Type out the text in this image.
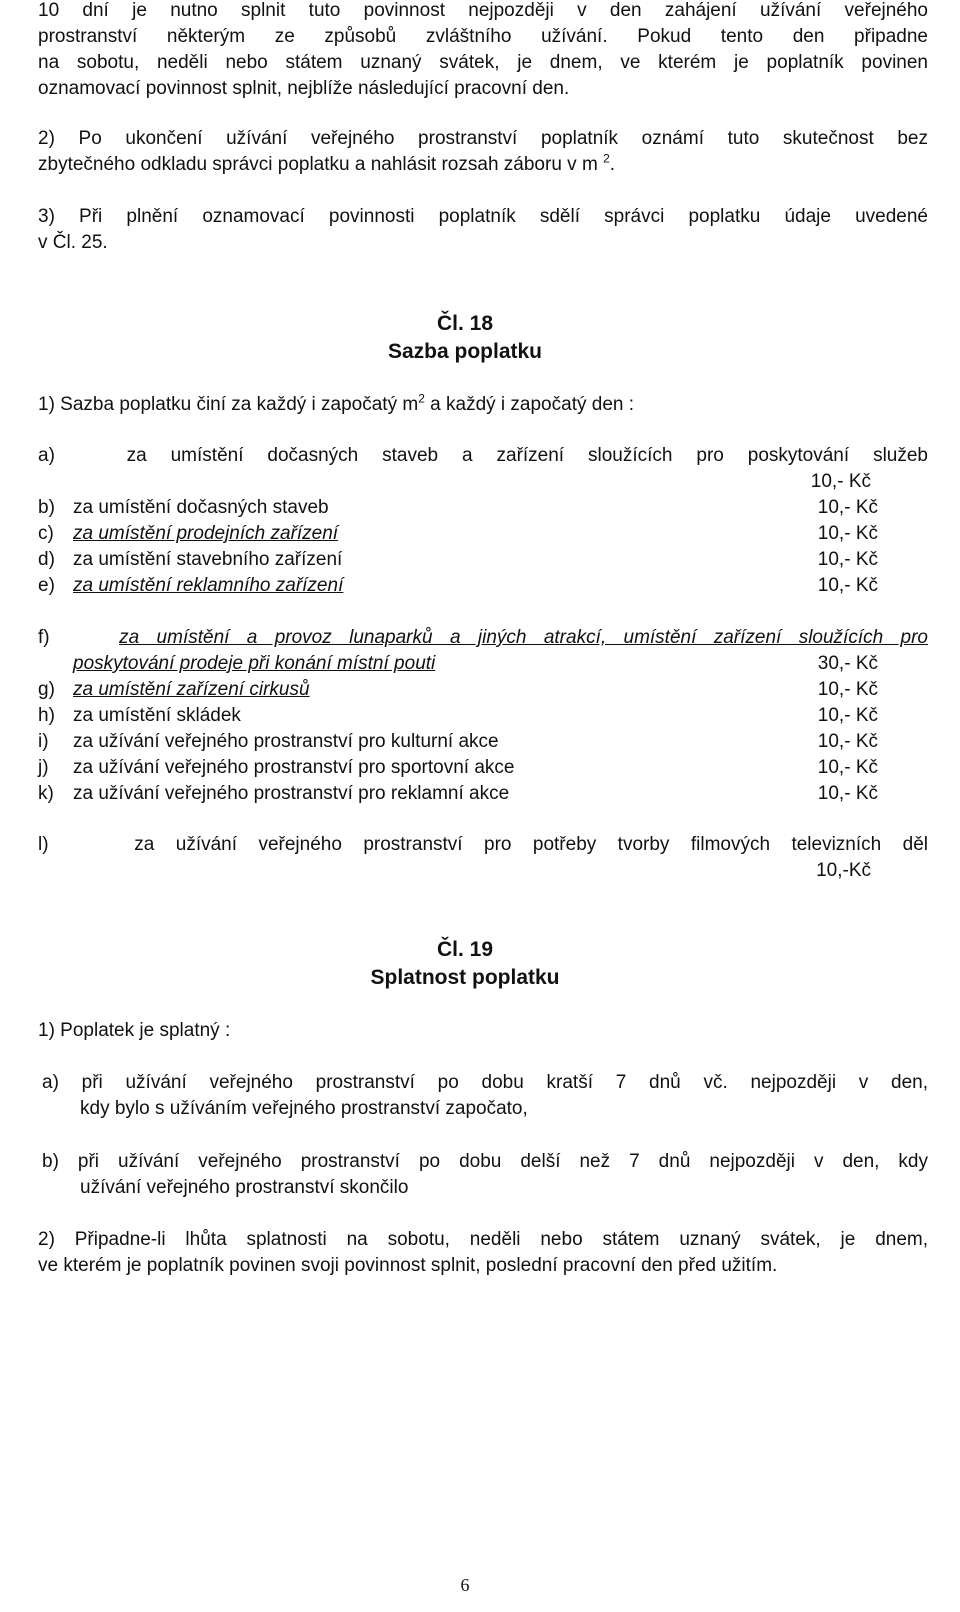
10 dní je nutno splnit tuto povinnost nejpozději v den zahájení užívání veřejného
prostranství některým ze způsobů zvláštního užívání. Pokud tento den připadne
na sobotu, neděli nebo státem uznaný svátek, je dnem, ve kterém je poplatník povinen
oznamovací povinnost splnit, nejblíže následující pracovní den.
2) Po ukončení užívání veřejného prostranství poplatník oznámí tuto skutečnost bez
zbytečného odkladu správci poplatku a nahlásit rozsah záboru v m $^2$.
3) Při plnění oznamovací povinnosti poplatník sdělí správci poplatku údaje uvedené
v Čl. 25.
Čl. 18
Sazba poplatku
1) Sazba poplatku činí za každý i započatý $m^2$ a každý i započatý den :
a)	za umístění dočasných staveb a zařízení sloužících pro poskytování služeb
10,- Kč
b) za umístění dočasných staveb	10,- Kč
c) za umístění prodejních zařízení	10,- Kč
d) za umístění stavebního zařízení	10,- Kč
e) za umístění reklamního zařízení	10,- Kč
f)	za umístění a provoz lunaparků a jiných atrakcí, umístění zařízení sloužících pro
poskytování prodeje při konání místní pouti	30,- Kč
g) za umístění zařízení cirkusů	10,- Kč
h) za umístění skládek	10,- Kč
i) za užívání veřejného prostranství pro kulturní akce	10,- Kč
j) za užívání veřejného prostranství pro sportovní akce	10,- Kč
k) za užívání veřejného prostranství pro reklamní akce	10,- Kč
l)	za užívání veřejného prostranství pro potřeby tvorby filmových televizních děl
10,-Kč
Čl. 19
Splatnost poplatku
1) Poplatek je splatný :
a) při užívání veřejného prostranství po dobu kratší 7 dnů vč. nejpozději v den,
kdy bylo s užíváním veřejného prostranství započato,
b) při užívání veřejného prostranství po dobu delší než 7 dnů nejpozději v den, kdy
užívání veřejného prostranství skončilo
2) Připadne-li lhůta splatnosti na sobotu, neděli nebo státem uznaný svátek, je dnem,
ve kterém je poplatník povinen svoji povinnost splnit, poslední pracovní den před užitím.
6
